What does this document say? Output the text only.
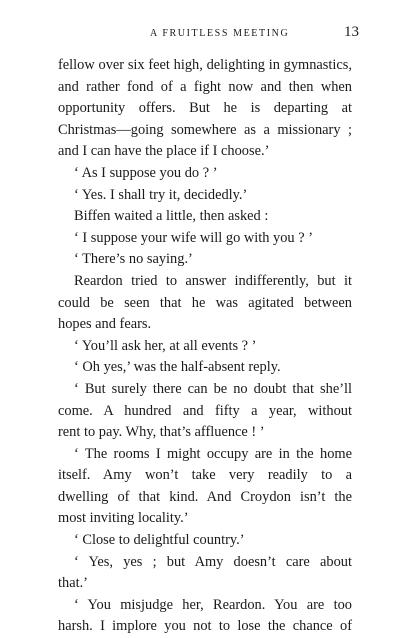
A FRUITLESS MEETING	13
fellow over six feet high, delighting in gymnastics,
and rather fond of a fight now and then when
opportunity offers. But he is departing at
Christmas—going somewhere as a missionary ;
and I can have the place if I choose.’
‘ As I suppose you do ? ’
‘ Yes. I shall try it, decidedly.’
Biffen waited a little, then asked :
‘ I suppose your wife will go with you ? ’
‘ There’s no saying.’
Reardon tried to answer indifferently, but it
could be seen that he was agitated between
hopes and fears.
‘ You’ll ask her, at all events ? ’
‘ Oh yes,’ was the half-absent reply.
‘ But surely there can be no doubt that she’ll
come. A hundred and fifty a year, without
rent to pay. Why, that’s affluence ! ’
‘ The rooms I might occupy are in the home
itself. Amy won’t take very readily to a
dwelling of that kind. And Croydon isn’t the
most inviting locality.’
‘ Close to delightful country.’
‘ Yes, yes ; but Amy doesn’t care about
that.’
‘ You misjudge her, Reardon. You are too
harsh. I implore you not to lose the chance of
